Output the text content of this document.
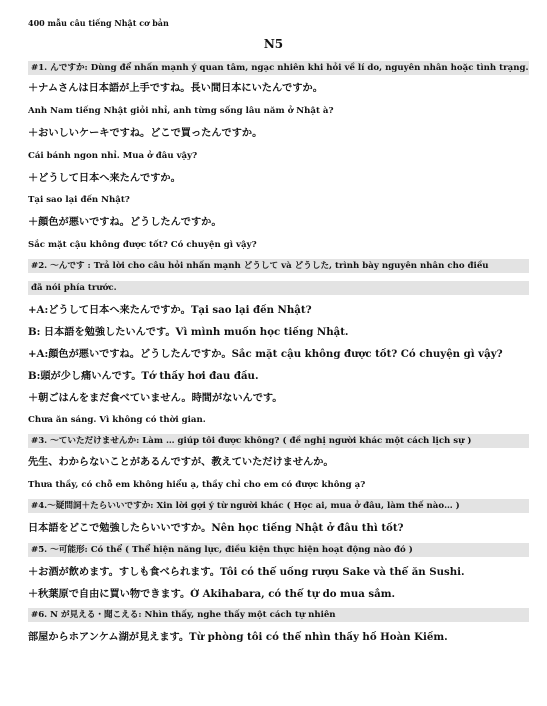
400 mẫu câu tiếng Nhật cơ bản
N5
#1. んですか: Dùng để nhấn mạnh ý quan tâm, ngạc nhiên khi hỏi về lí do, nguyên nhân hoặc tình trạng.
＋ナムさんは日本語が上手ですね。長い間日本にいたんですか。
Anh Nam tiếng Nhật giỏi nhỉ, anh từng sống lâu năm ở Nhật à?
＋おいしいケーキですね。どこで買ったんですか。
Cái bánh ngon nhỉ. Mua ở đâu vậy?
＋どうして日本へ来たんですか。
Tại sao lại đến Nhật?
＋顔色が悪いですね。どうしたんですか。
Sắc mặt cậu không được tốt? Có chuyện gì vậy?
#2. ～んです : Trả lời cho câu hỏi nhấn mạnh どうして và どうした, trình bày nguyên nhân cho điều
đã nói phía trước.
+A:どうして日本へ来たんですか。Tại sao lại đến Nhật?
B: 日本語を勉強したいんです。Vì mình muốn học tiếng Nhật.
+A:顔色が悪いですね。どうしたんですか。Sắc mặt cậu không được tốt? Có chuyện gì vậy?
B:頭が少し痛いんです。Tớ thấy hơi đau đầu.
＋朝ごはんをまだ食べていません。時間がないんです。
Chưa ăn sáng. Vì không có thời gian.
#3. ～ていただけませんか: Làm … giúp tôi được không? ( đề nghị người khác một cách lịch sự )
先生、わからないことがあるんですが、教えていただけませんか。
Thưa thầy, có chỗ em không hiểu ạ, thầy chỉ cho em có được không ạ?
#4.～疑問詞＋たらいいですか: Xin lời gợi ý từ người khác ( Học ai, mua ở đâu, làm thế nào… )
日本語をどこで勉強したらいいですか。Nên học tiếng Nhật ở đâu thì tốt?
#5. ～可能形: Có thể ( Thể hiện năng lực, điều kiện thực hiện hoạt động nào đó )
＋お酒が飲めます。すしも食べられます。Tôi có thể uống rượu Sake và thể ăn Sushi.
＋秋葉原で自由に買い物できます。Ở Akihabara, có thể tự do mua sắm.
#6. N が見える・聞こえる: Nhìn thấy, nghe thấy một cách tự nhiên
部屋からホアンケム湖が見えます。Từ phòng tôi có thể nhìn thấy hồ Hoàn Kiếm.
